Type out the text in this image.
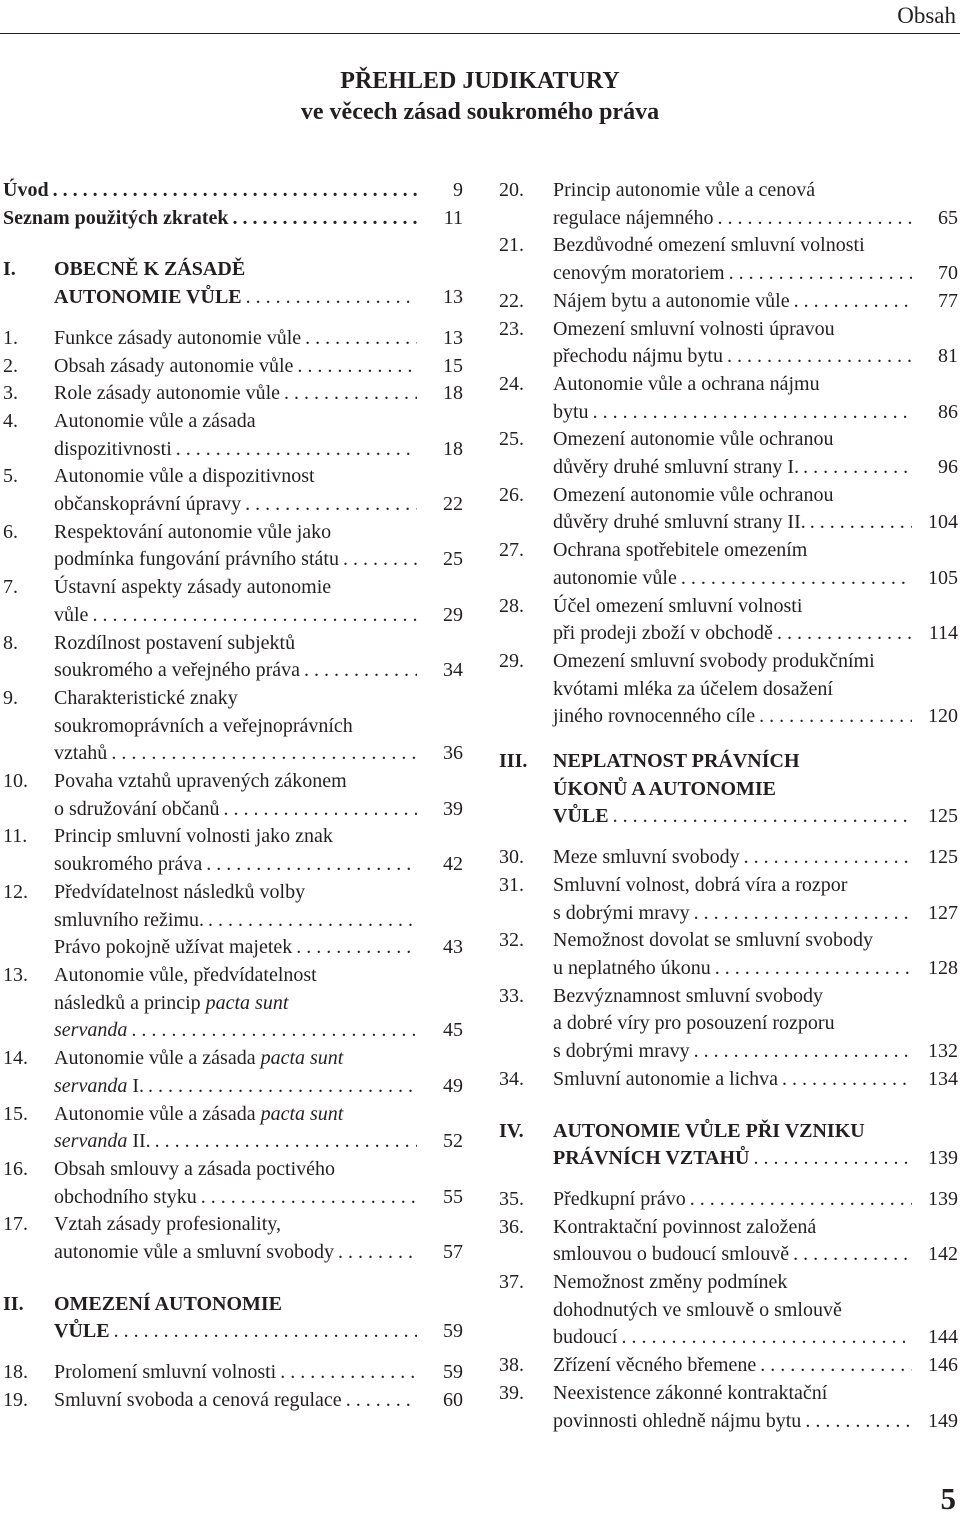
Obsah
PŘEHLED JUDIKATURY
ve věcech zásad soukromého práva
Úvod . . .	9
Seznam použitých zkratek . . .	11
I.	OBECNĚ K ZÁSADĚ
AUTONOMIE VŮLE . . .	13
1.	Funkce zásady autonomie vůle . . .	13
2.	Obsah zásady autonomie vůle . . .	15
3.	Role zásady autonomie vůle . . .	18
4.	Autonomie vůle a zásada
dispozitivnosti . . .	18
5.	Autonomie vůle a dispozitivnost
občanskoprávní úpravy . . .	22
6.	Respektování autonomie vůle jako
podmínka fungování právního státu . . .	25
7.	Ústavní aspekty zásady autonomie
vůle . . .	29
8.	Rozdílnost postavení subjektů
soukromého a veřejného práva . . .	34
9.	Charakteristické znaky
soukromoprávních a veřejnoprávních
vztahů . . .	36
10.	Povaha vztahů upravených zákonem
o sdružování občanů . . .	39
11.	Princip smluvní volnosti jako znak
soukromého práva . . .	42
12.	Předvídatelnost následků volby
smluvního režimu.
. . .
Právo pokojně užívat majetek . . .	43
13.	Autonomie vůle, předvídatelnost
následků a princip pacta sunt
servanda . . .	45
14.	Autonomie vůle a zásada pacta sunt
servanda I. . . .	49
15.	Autonomie vůle a zásada pacta sunt
servanda II. . . .	52
16.	Obsah smlouvy a zásada poctivého
obchodního styku . . .	55
17.	Vztah zásady profesionality,
autonomie vůle a smluvní svobody . . .	57
II.	OMEZENÍ AUTONOMIE
VŮLE . . .	59
18.	Prolomení smluvní volnosti . . .	59
19.	Smluvní svoboda a cenová regulace . . .	60
20.	Princip autonomie vůle a cenová
regulace nájemného . . .	65
21.	Bezdůvodné omezení smluvní volnosti
cenovým moratoriem . . .	70
22.	Nájem bytu a autonomie vůle . . .	77
23.	Omezení smluvní volnosti úpravou
přechodu nájmu bytu . . .	81
24.	Autonomie vůle a ochrana nájmu
bytu . . .	86
25.	Omezení autonomie vůle ochranou
důvěry druhé smluvní strany I. . . .	96
26.	Omezení autonomie vůle ochranou
důvěry druhé smluvní strany II. . . .	104
27.	Ochrana spotřebitele omezením
autonomie vůle . . .	105
28.	Účel omezení smluvní volnosti
při prodeji zboží v obchodě . . .	114
29.	Omezení smluvní svobody produkčními
kvótami mléka za účelem dosažení
jiného rovnocenného cíle . . .	120
III.	NEPLATNOST PRÁVNÍCH
ÚKONŮ A AUTONOMIE
VŮLE . . .	125
30.	Meze smluvní svobody . . .	125
31.	Smluvní volnost, dobrá víra a rozpor
s dobrými mravy . . .	127
32.	Nemožnost dovolat se smluvní svobody
u neplatného úkonu . . .	128
33.	Bezvýznamnost smluvní svobody
a dobré víry pro posouzení rozporu
s dobrými mravy . . .	132
34.	Smluvní autonomie a lichva . . .	134
IV.	AUTONOMIE VŮLE PŘI VZNIKU
PRÁVNÍCH VZTAHŮ . . .	139
35.	Předkupní právo . . .	139
36.	Kontraktační povinnost založená
smlouvou o budoucí smlouvě . . .	142
37.	Nemožnost změny podmínek
dohodnutých ve smlouvě o smlouvě
budoucí . . .	144
38.	Zřízení věcného břemene . . .	146
39.	Neexistence zákonné kontraktační
povinnosti ohledně nájmu bytu . . .	149
5
